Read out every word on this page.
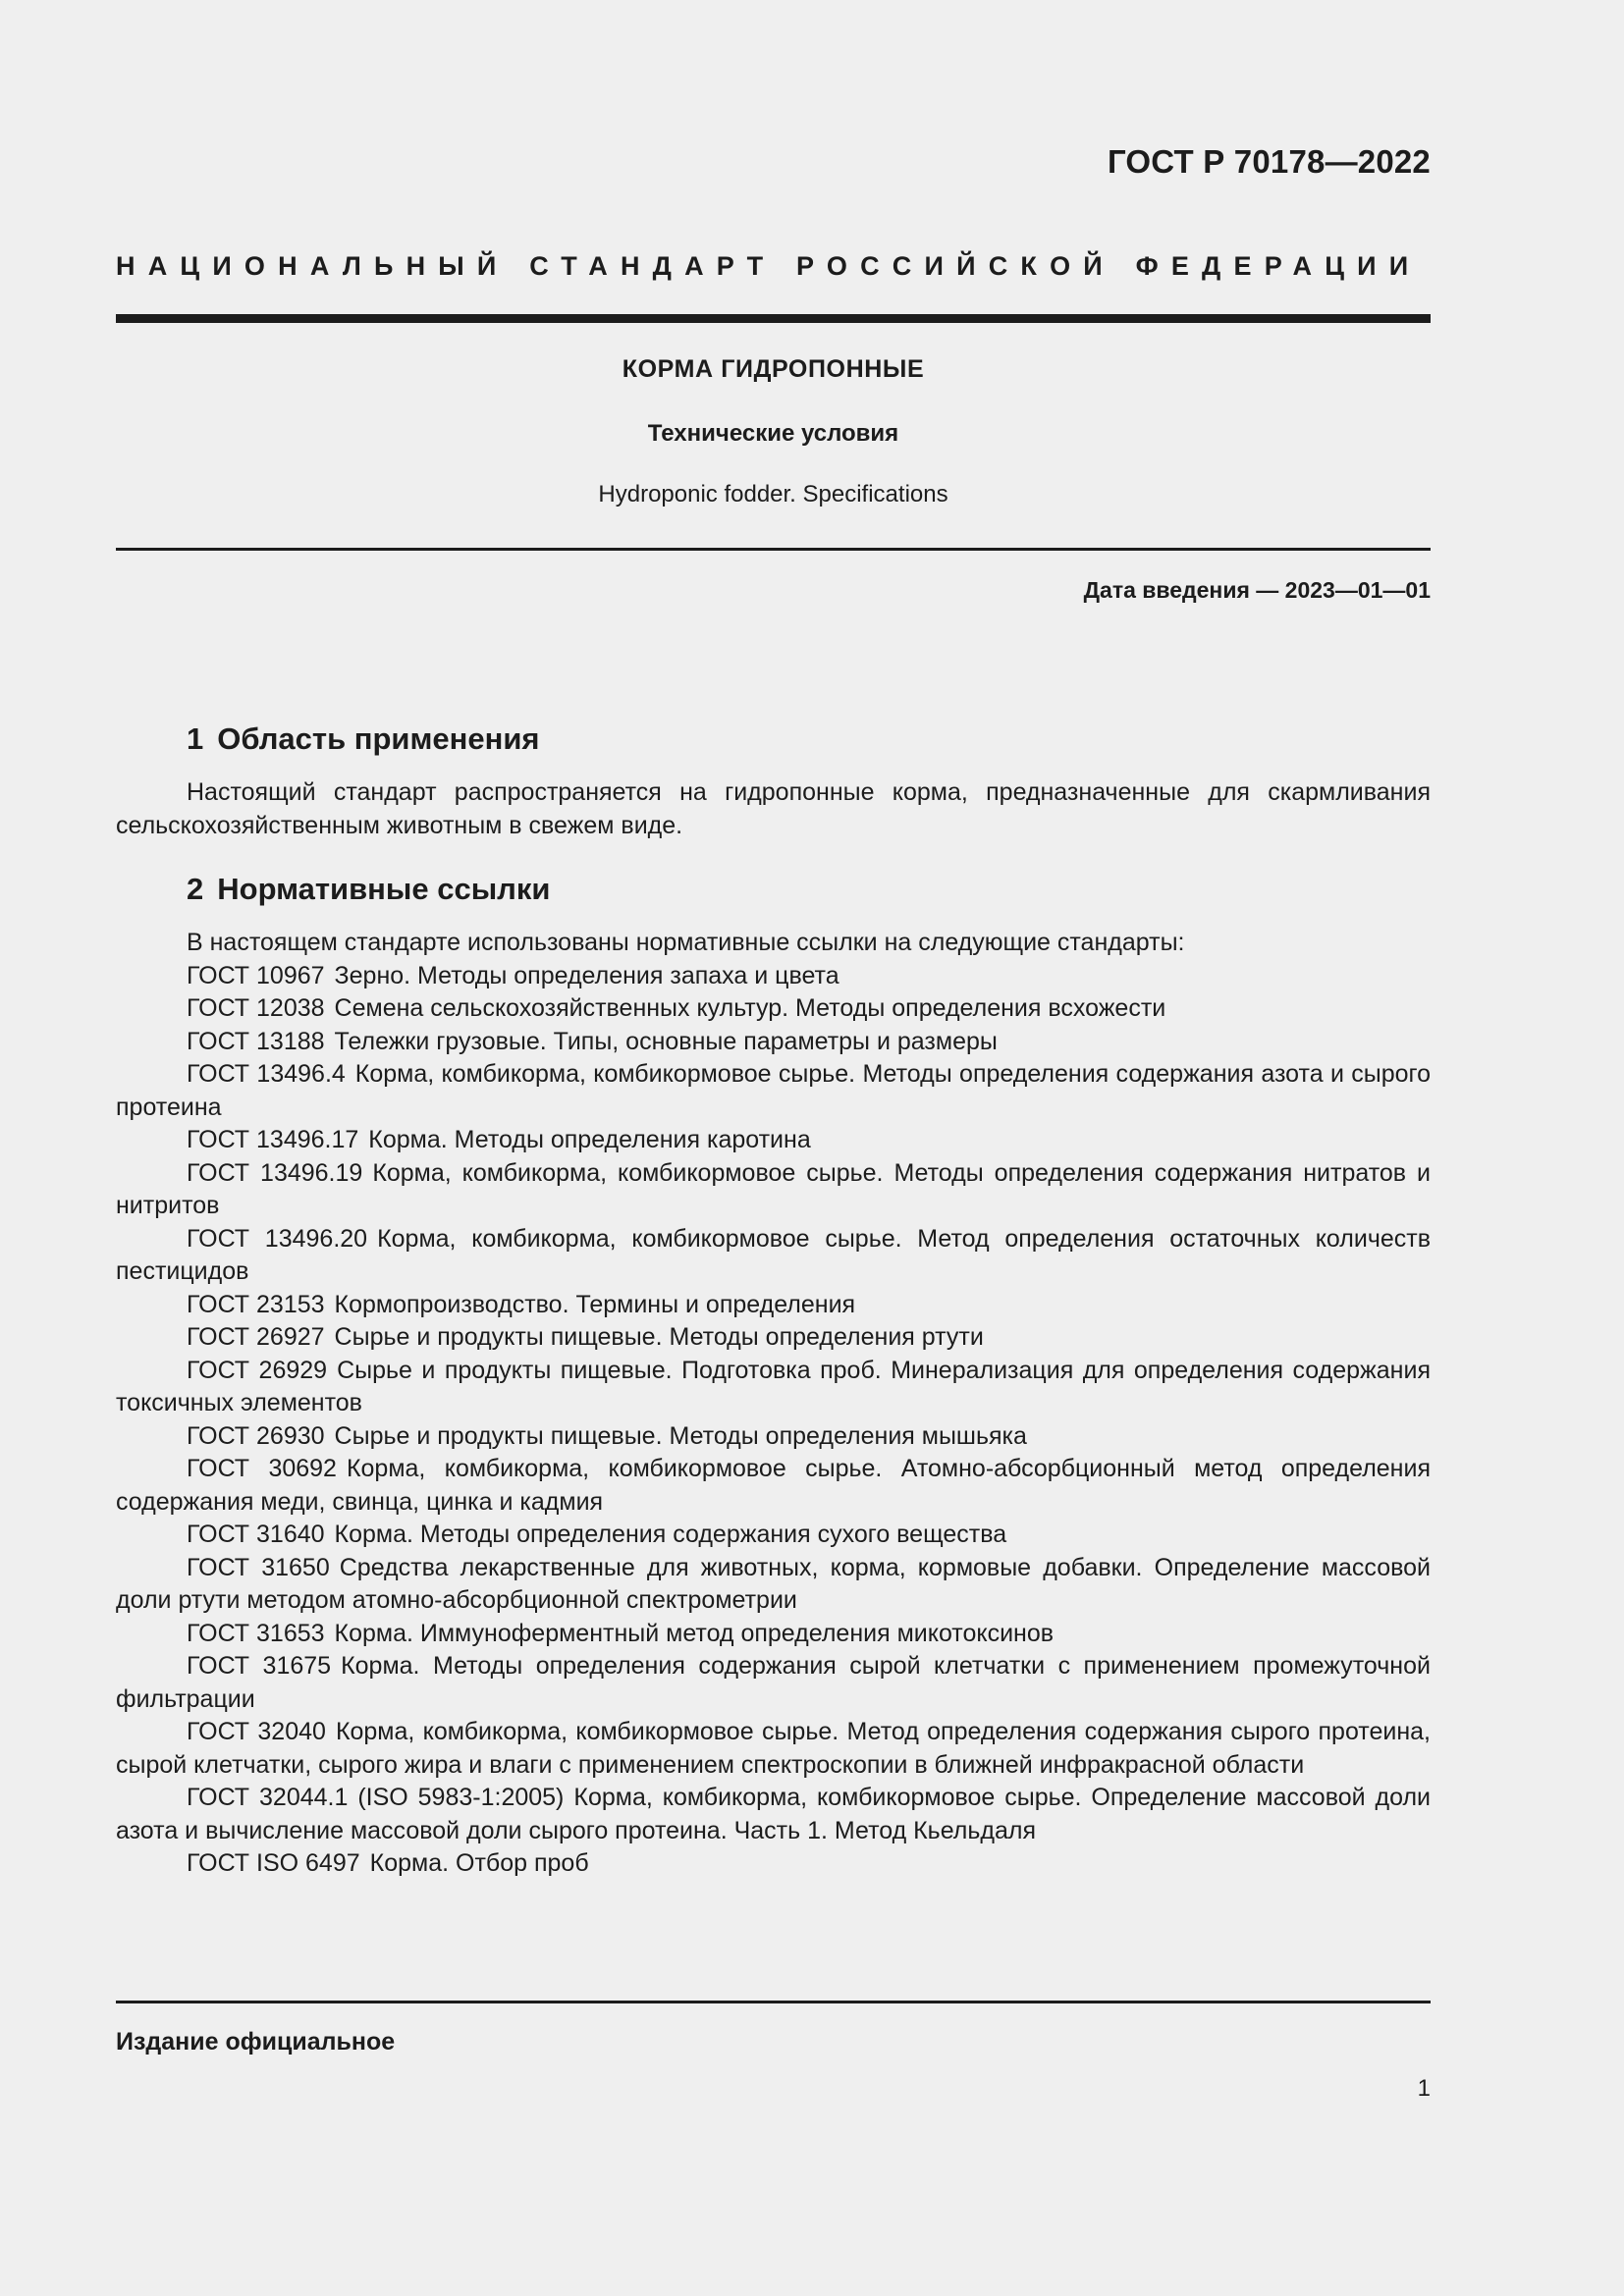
ГОСТ Р 70178—2022

НАЦИОНАЛЬНЫЙ СТАНДАРТ РОССИЙСКОЙ ФЕДЕРАЦИИ

КОРМА ГИДРОПОННЫЕ

Технические условия

Hydroponic fodder. Specifications

Дата введения — 2023—01—01

1 Область применения

Настоящий стандарт распространяется на гидропонные корма, предназначенные для скармливания сельскохозяйственным животным в свежем виде.

2 Нормативные ссылки

В настоящем стандарте использованы нормативные ссылки на следующие стандарты:

ГОСТ 10967 Зерно. Методы определения запаха и цвета

ГОСТ 12038 Семена сельскохозяйственных культур. Методы определения всхожести

ГОСТ 13188 Тележки грузовые. Типы, основные параметры и размеры

ГОСТ 13496.4 Корма, комбикорма, комбикормовое сырье. Методы определения содержания азота и сырого протеина

ГОСТ 13496.17 Корма. Методы определения каротина

ГОСТ 13496.19 Корма, комбикорма, комбикормовое сырье. Методы определения содержания нитратов и нитритов

ГОСТ 13496.20 Корма, комбикорма, комбикормовое сырье. Метод определения остаточных количеств пестицидов

ГОСТ 23153 Кормопроизводство. Термины и определения

ГОСТ 26927 Сырье и продукты пищевые. Методы определения ртути

ГОСТ 26929 Сырье и продукты пищевые. Подготовка проб. Минерализация для определения содержания токсичных элементов

ГОСТ 26930 Сырье и продукты пищевые. Методы определения мышьяка

ГОСТ 30692 Корма, комбикорма, комбикормовое сырье. Атомно-абсорбционный метод определения содержания меди, свинца, цинка и кадмия

ГОСТ 31640 Корма. Методы определения содержания сухого вещества

ГОСТ 31650 Средства лекарственные для животных, корма, кормовые добавки. Определение массовой доли ртути методом атомно-абсорбционной спектрометрии

ГОСТ 31653 Корма. Иммуноферментный метод определения микотоксинов

ГОСТ 31675 Корма. Методы определения содержания сырой клетчатки с применением промежуточной фильтрации

ГОСТ 32040 Корма, комбикорма, комбикормовое сырье. Метод определения содержания сырого протеина, сырой клетчатки, сырого жира и влаги с применением спектроскопии в ближней инфракрасной области

ГОСТ 32044.1 (ISO 5983-1:2005) Корма, комбикорма, комбикормовое сырье. Определение массовой доли азота и вычисление массовой доли сырого протеина. Часть 1. Метод Кьельдаля

ГОСТ ISO 6497 Корма. Отбор проб

Издание официальное

1
